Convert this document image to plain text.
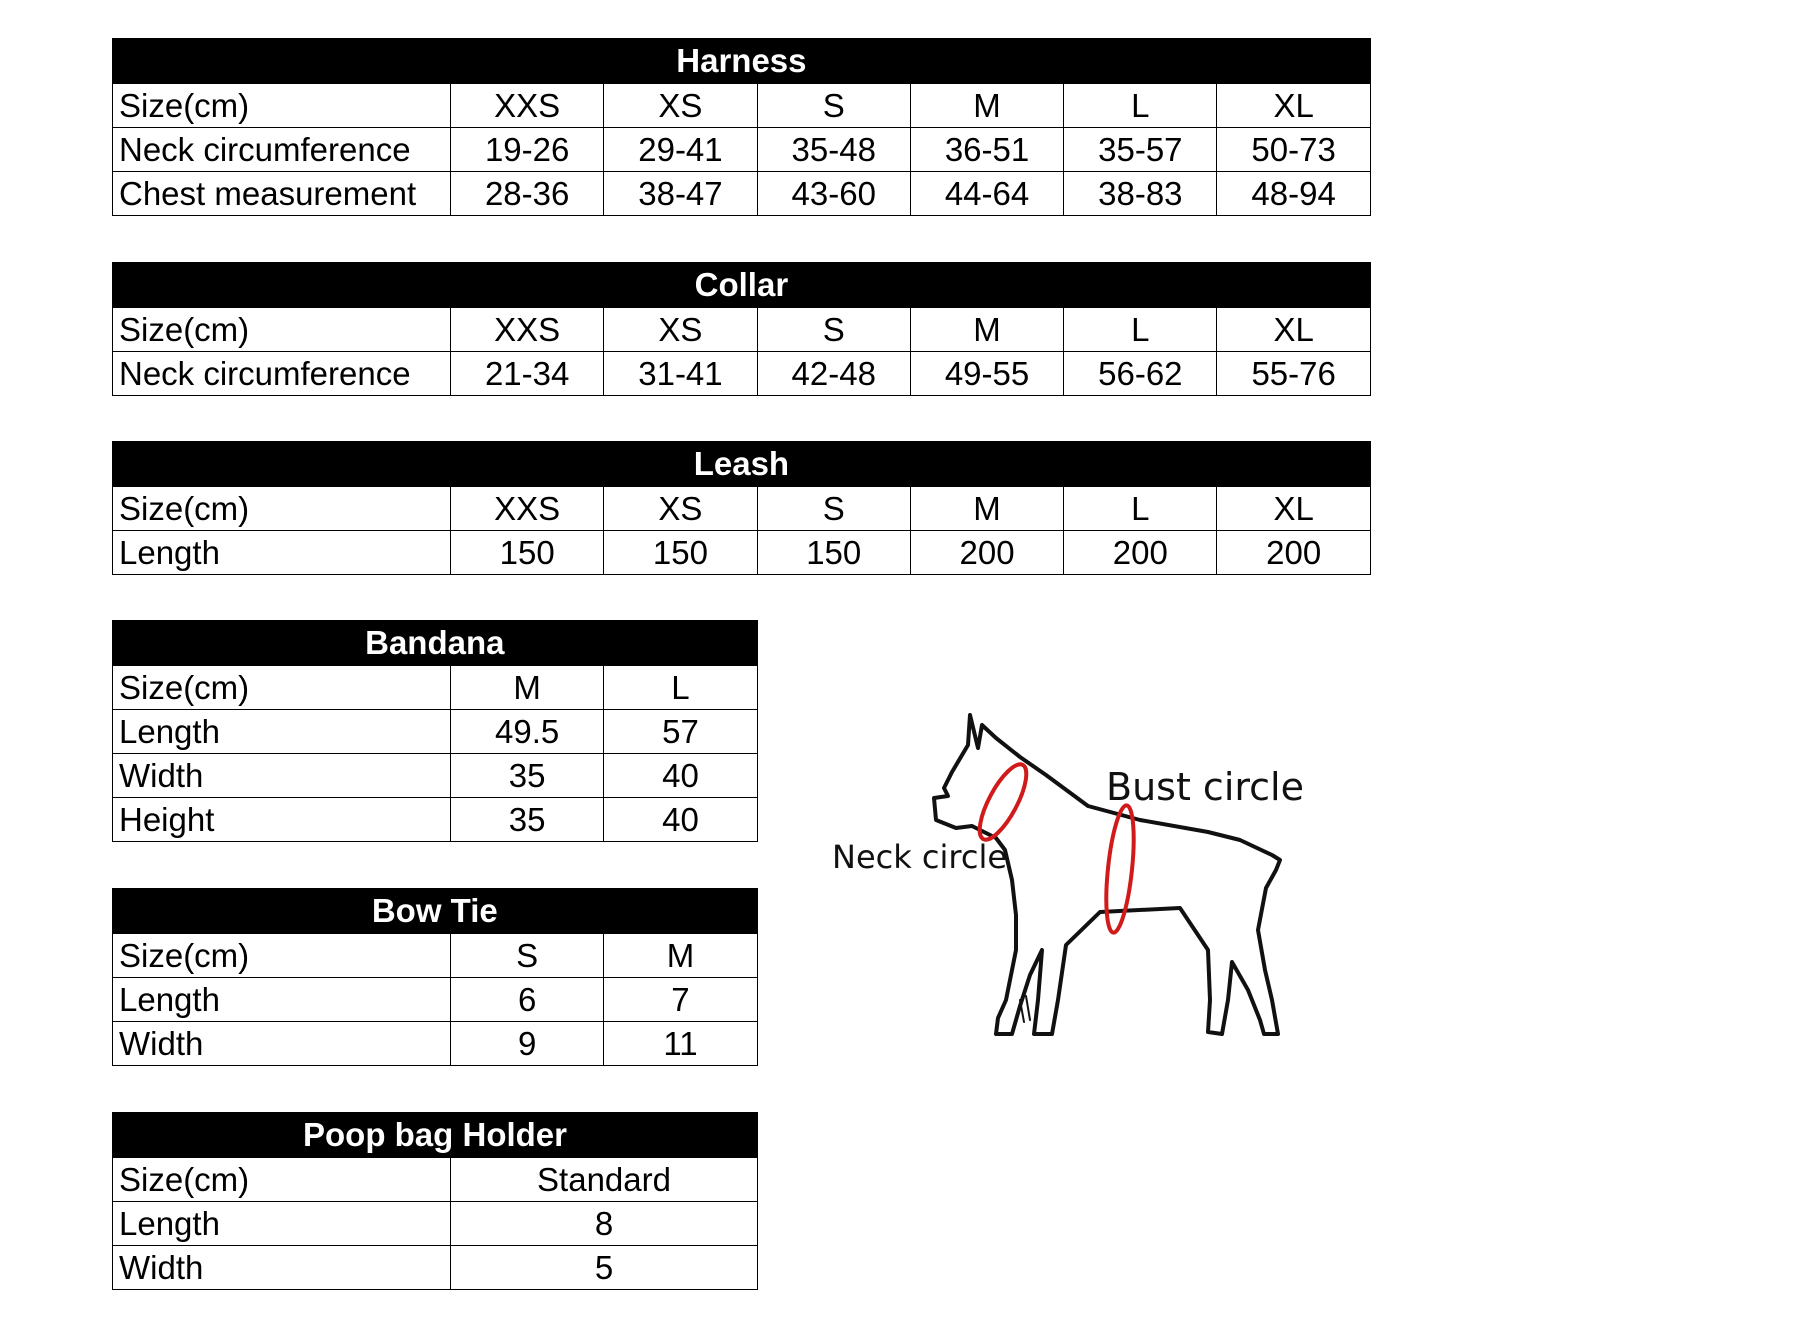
Harness						
Size(cm)	XXS	XS	S	M	L	XL
Neck circumference	19-26	29-41	35-48	36-51	35-57	50-73
Chest measurement	28-36	38-47	43-60	44-64	38-83	48-94
Collar						
Size(cm)	XXS	XS	S	M	L	XL
Neck circumference	21-34	31-41	42-48	49-55	56-62	55-76
Leash						
Size(cm)	XXS	XS	S	M	L	XL
Length	150	150	150	200	200	200
Bandana		
Size(cm)	M	L
Length	49.5	57
Width	35	40
Height	35	40
Bow Tie		
Size(cm)	S	M
Length	6	7
Width	9	11
Poop bag Holder	
Size(cm)	Standard
Length	8
Width	5
Bust circle
Neck circle
